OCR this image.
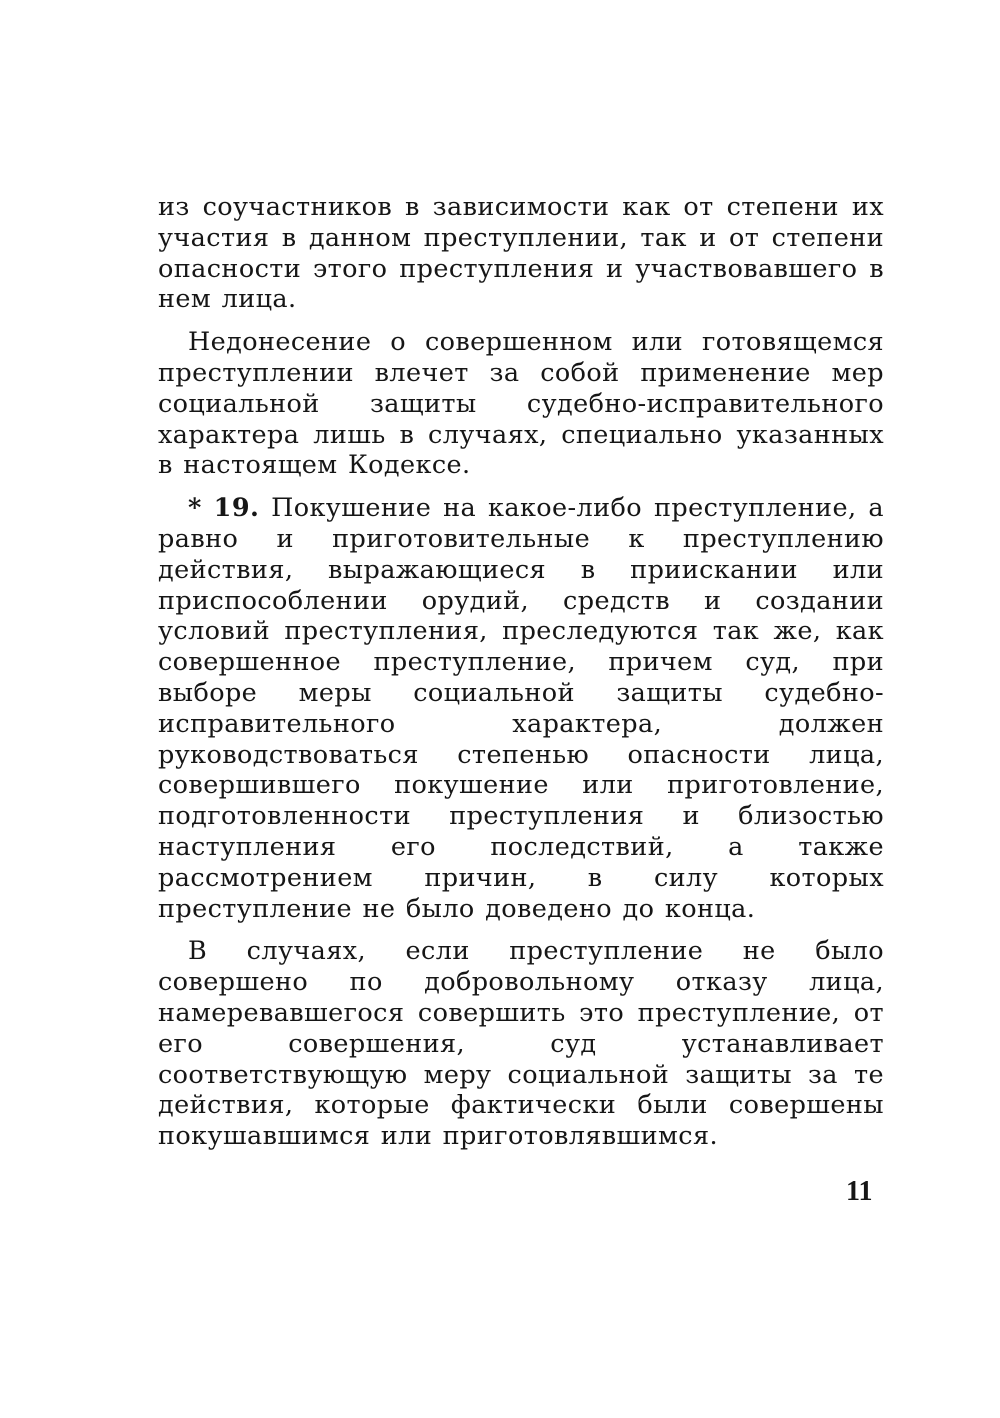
из соучастников в зависимости как от степени их участия в данном преступлении, так и от степени опасности этого преступления и участвовавшего в нем лица.

Недонесение о совершенном или готовящемся преступлении влечет за собой применение мер социальной защиты судебно-исправительного характера лишь в случаях, специально указанных в настоящем Кодексе.

* 19. Покушение на какое-либо преступление, а равно и приготовительные к преступлению действия, выражающиеся в приискании или приспособлении орудий, средств и создании условий преступления, преследуются так же, как совершенное преступление, причем суд, при выборе меры социальной защиты судебно-исправительного характера, должен руководствоваться степенью опасности лица, совершившего покушение или приготовление, подготовленности преступления и близостью наступления его последствий, а также рассмотрением причин, в силу которых преступление не было доведено до конца.

В случаях, если преступление не было совершено по добровольному отказу лица, намеревавшегося совершить это преступление, от его совершения, суд устанавливает соответствующую меру социальной защиты за те действия, которые фактически были совершены покушавшимся или приготовлявшимся.

11
